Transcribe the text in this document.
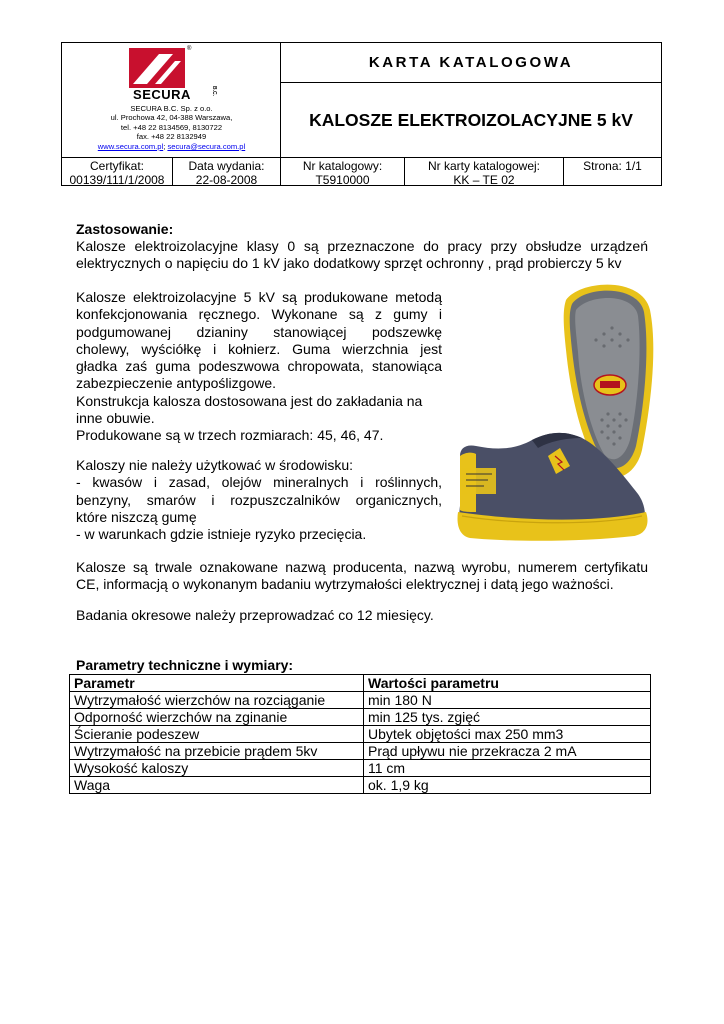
®
SECURA	B.C.
SECURA B.C. Sp. z o.o.
ul. Prochowa 42, 04-388 Warszawa,
tel. +48 22 8134569, 8130722
fax. +48 22 8132949
www.secura.com.pl; secura@secura.com.pl
KARTA KATALOGOWA
KALOSZE ELEKTROIZOLACYJNE 5 kV
Certyfikat:
00139/111/1/2008
Data wydania:
22-08-2008
Nr katalogowy:
T5910000
Nr karty katalogowej:
KK – TE 02
Strona: 1/1
Zastosowanie:
Kalosze elektroizolacyjne klasy 0 są przeznaczone do pracy przy obsłudze urządzeń
elektrycznych o napięciu do 1 kV jako dodatkowy sprzęt ochronny , prąd probierczy 5 kv
Kalosze elektroizolacyjne 5 kV są produkowane metodą
konfekcjonowania ręcznego. Wykonane są z gumy i
podgumowanej dzianiny stanowiącej podszewkę
cholewy, wyściółkę i kołnierz. Guma wierzchnia jest
gładka zaś guma podeszwowa chropowata, stanowiąca
zabezpieczenie antypoślizgowe.
Konstrukcja kalosza dostosowana jest do zakładania na
inne obuwie.
Produkowane są w trzech rozmiarach: 45, 46, 47.
Kaloszy nie należy użytkować w środowisku:
- kwasów i zasad, olejów mineralnych i roślinnych,
benzyny, smarów i rozpuszczalników organicznych,
które niszczą gumę
- w warunkach gdzie istnieje ryzyko przecięcia.
Kalosze są trwale oznakowane nazwą producenta, nazwą wyrobu, numerem certyfikatu
CE, informacją o wykonanym badaniu wytrzymałości elektrycznej i datą jego ważności.
Badania okresowe należy przeprowadzać co 12 miesięcy.
Parametry techniczne i wymiary:
Parametr	Wartości parametru
Wytrzymałość wierzchów na rozciąganie	min 180 N
Odporność wierzchów na zginanie	min 125 tys. zgięć
Ścieranie podeszew	Ubytek objętości max 250 mm3
Wytrzymałość na przebicie prądem 5kv	Prąd upływu nie przekracza 2 mA
Wysokość kaloszy	11 cm
Waga	ok. 1,9 kg
